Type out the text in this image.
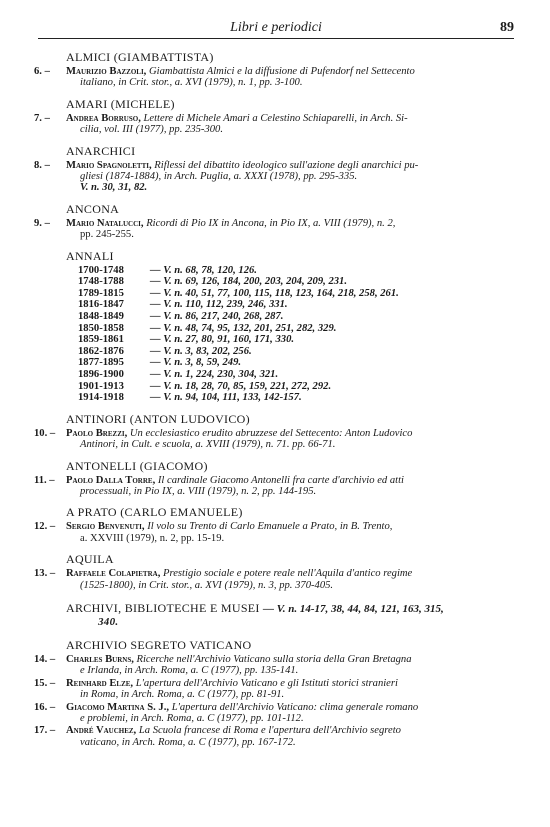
Libri e periodici	89
ALMICI (GIAMBATTISTA)
6. –	Maurizio Bazzoli, Giambattista Almici e la diffusione di Pufendorf nel Settecento
italiano, in Crit. stor., a. XVI (1979), n. 1, pp. 3-100.
AMARI (MICHELE)
7. –	Andrea Borruso, Lettere di Michele Amari a Celestino Schiaparelli, in Arch. Si-
cilia, vol. III (1977), pp. 235-300.
ANARCHICI
8. –	Mario Spagnoletti, Riflessi del dibattito ideologico sull'azione degli anarchici pu-
gliesi (1874-1884), in Arch. Puglia, a. XXXI (1978), pp. 295-335.
V. n. 30, 31, 82.
ANCONA
9. –	Mario Natalucci, Ricordi di Pio IX in Ancona, in Pio IX, a. VIII (1979), n. 2,
pp. 245-255.
ANNALI
1700-1748 — V. n. 68, 78, 120, 126.
1748-1788 — V. n. 69, 126, 184, 200, 203, 204, 209, 231.
1789-1815 — V. n. 40, 51, 77, 100, 115, 118, 123, 164, 218, 258, 261.
1816-1847 — V. n. 110, 112, 239, 246, 331.
1848-1849 — V. n. 86, 217, 240, 268, 287.
1850-1858 — V. n. 48, 74, 95, 132, 201, 251, 282, 329.
1859-1861 — V. n. 27, 80, 91, 160, 171, 330.
1862-1876 — V. n. 3, 83, 202, 256.
1877-1895 — V. n. 3, 8, 59, 249.
1896-1900 — V. n. 1, 224, 230, 304, 321.
1901-1913 — V. n. 18, 28, 70, 85, 159, 221, 272, 292.
1914-1918 — V. n. 94, 104, 111, 133, 142-157.
ANTINORI (ANTON LUDOVICO)
10. –	Paolo Brezzi, Un ecclesiastico erudito abruzzese del Settecento: Anton Ludovico
Antinori, in Cult. e scuola, a. XVIII (1979), n. 71. pp. 66-71.
ANTONELLI (GIACOMO)
11. –	Paolo Dalla Torre, Il cardinale Giacomo Antonelli fra carte d'archivio ed atti
processuali, in Pio IX, a. VIII (1979), n. 2, pp. 144-195.
A PRATO (CARLO EMANUELE)
12. –	Sergio Benvenuti, Il volo su Trento di Carlo Emanuele a Prato, in B. Trento,
a. XXVIII (1979), n. 2, pp. 15-19.
AQUILA
13. –	Raffaele Colapietra, Prestigio sociale e potere reale nell'Aquila d'antico regime
(1525-1800), in Crit. stor., a. XVI (1979), n. 3, pp. 370-405.
ARCHIVI, BIBLIOTECHE E MUSEI — V. n. 14-17, 38, 44, 84, 121, 163, 315,
340.
ARCHIVIO SEGRETO VATICANO
14. –	Charles Burns, Ricerche nell'Archivio Vaticano sulla storia della Gran Bretagna
e Irlanda, in Arch. Roma, a. C (1977), pp. 135-141.
15. –	Reinhard Elze, L'apertura dell'Archivio Vaticano e gli Istituti storici stranieri
in Roma, in Arch. Roma, a. C (1977), pp. 81-91.
16. –	Giacomo Martina S. J., L'apertura dell'Archivio Vaticano: clima generale romano
e problemi, in Arch. Roma, a. C (1977), pp. 101-112.
17. –	André Vauchez, La Scuola francese di Roma e l'apertura dell'Archivio segreto
vaticano, in Arch. Roma, a. C (1977), pp. 167-172.
